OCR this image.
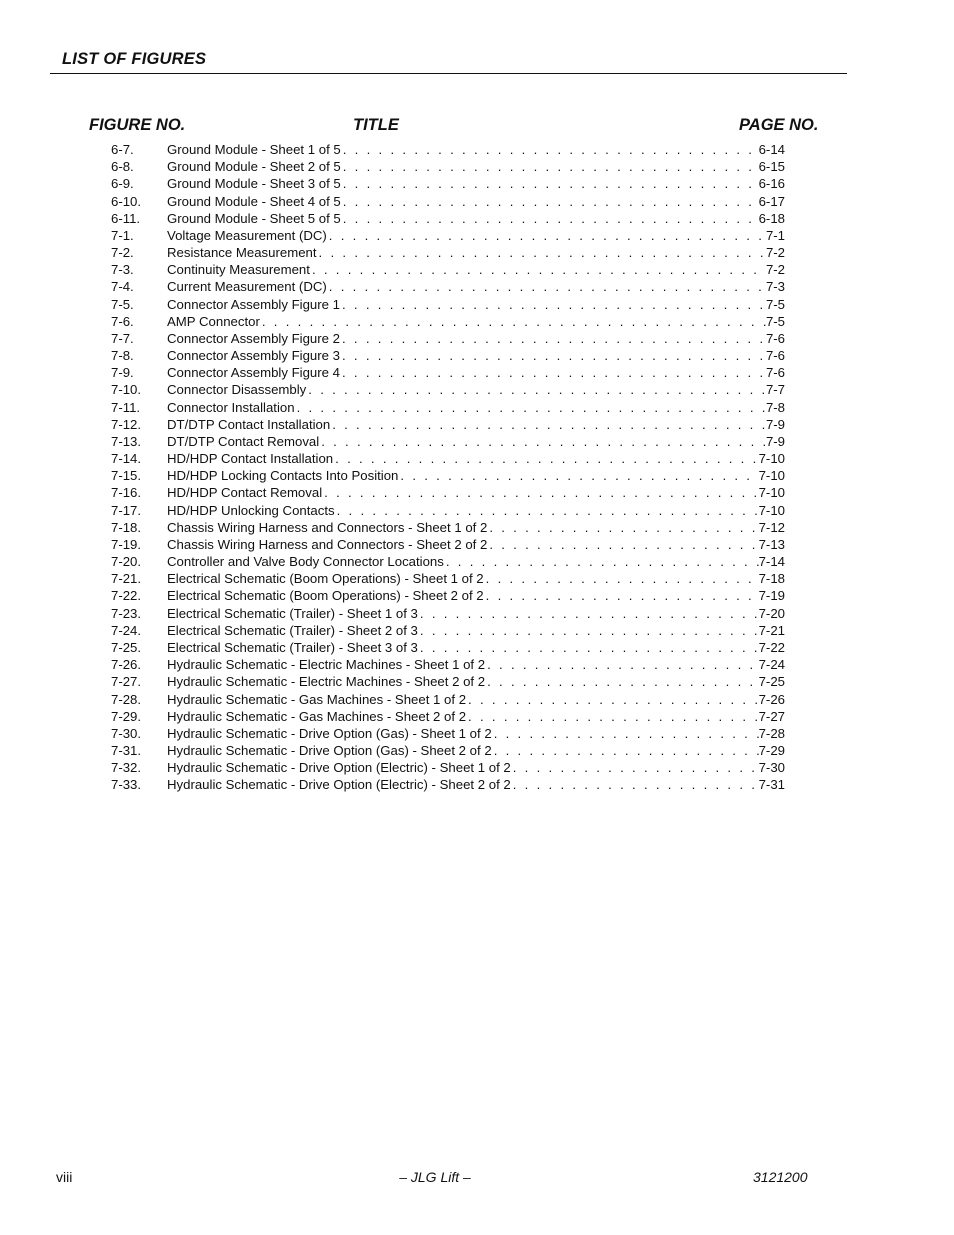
LIST OF FIGURES
FIGURE NO.	TITLE	PAGE NO.
6-7.	Ground Module - Sheet 1 of 5 . . .	6-14
6-8.	Ground Module - Sheet 2 of 5 . . .	6-15
6-9.	Ground Module - Sheet 3 of 5 . . .	6-16
6-10. Ground Module - Sheet 4 of 5 . . .	6-17
6-11. Ground Module - Sheet 5 of 5 . . .	6-18
7-1.	Voltage Measurement (DC) . . .	7-1
7-2.	Resistance Measurement . . .	7-2
7-3.	Continuity Measurement . . .	7-2
7-4.	Current Measurement (DC) . . .	7-3
7-5.	Connector Assembly Figure 1 . . .	7-5
7-6.	AMP Connector . . .	7-5
7-7.	Connector Assembly Figure 2 . . .	7-6
7-8.	Connector Assembly Figure 3 . . .	7-6
7-9.	Connector Assembly Figure 4 . . .	7-6
7-10. Connector Disassembly . . .	7-7
7-11. Connector Installation . . .	7-8
7-12. DT/DTP Contact Installation . . .	7-9
7-13. DT/DTP Contact Removal . . .	7-9
7-14. HD/HDP Contact Installation . . .	7-10
7-15. HD/HDP Locking Contacts Into Position . . .	7-10
7-16. HD/HDP Contact Removal . . .	7-10
7-17. HD/HDP Unlocking Contacts . . .	7-10
7-18. Chassis Wiring Harness and Connectors - Sheet 1 of 2 . . .	7-12
7-19. Chassis Wiring Harness and Connectors - Sheet 2 of 2 . . .	7-13
7-20. Controller and Valve Body Connector Locations . . .	7-14
7-21. Electrical Schematic (Boom Operations) - Sheet 1 of 2 . . .	7-18
7-22. Electrical Schematic (Boom Operations) - Sheet 2 of 2 . . .	7-19
7-23. Electrical Schematic (Trailer) - Sheet 1 of 3 . . .	7-20
7-24. Electrical Schematic (Trailer) - Sheet 2 of 3 . . .	7-21
7-25. Electrical Schematic (Trailer) - Sheet 3 of 3 . . .	7-22
7-26. Hydraulic Schematic - Electric Machines - Sheet 1 of 2 . . .	7-24
7-27. Hydraulic Schematic - Electric Machines - Sheet 2 of 2 . . .	7-25
7-28. Hydraulic Schematic - Gas Machines - Sheet 1 of 2 . . .	7-26
7-29. Hydraulic Schematic - Gas Machines - Sheet 2 of 2 . . .	7-27
7-30. Hydraulic Schematic - Drive Option (Gas) - Sheet 1 of 2 . . .	7-28
7-31. Hydraulic Schematic - Drive Option (Gas) - Sheet 2 of 2 . . .	7-29
7-32. Hydraulic Schematic - Drive Option (Electric) - Sheet 1 of 2 . . .	7-30
7-33. Hydraulic Schematic - Drive Option (Electric) - Sheet 2 of 2 . . .	7-31
viii	– JLG Lift –	3121200
